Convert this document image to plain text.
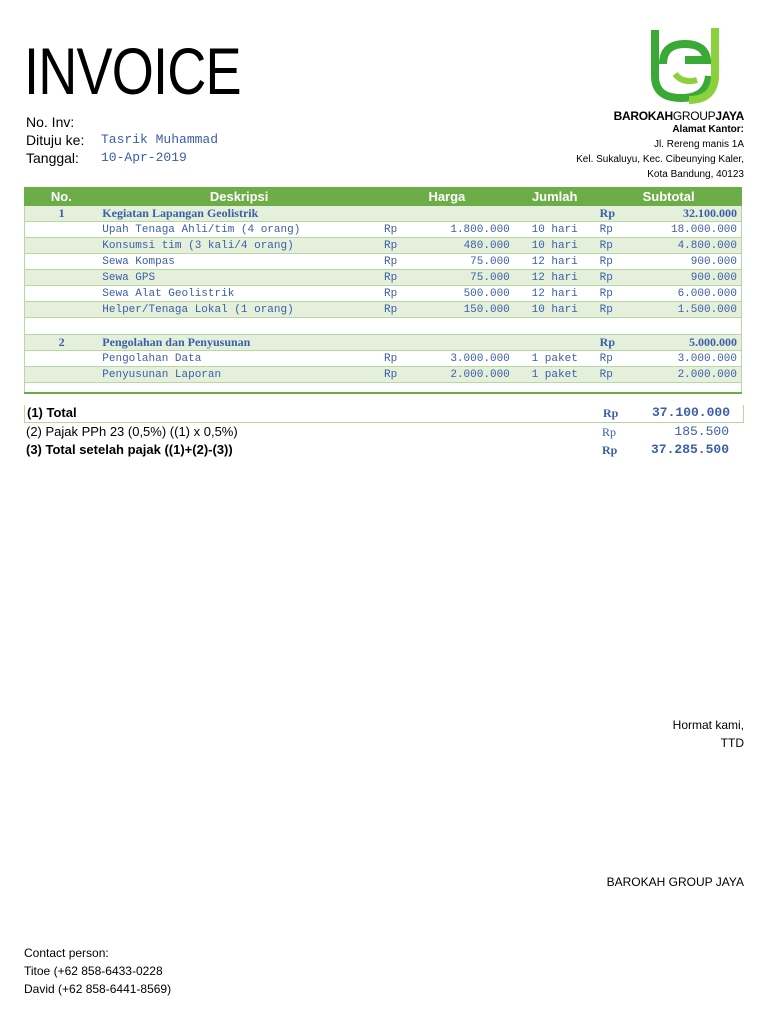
INVOICE
No. Inv:
Dituju ke: Tasrik Muhammad
Tanggal: 10-Apr-2019
BAROKAHGROUPJAYA
Alamat Kantor:
Jl. Rereng manis 1A
Kel. Sukaluyu, Kec. Cibeunying Kaler,
Kota Bandung, 40123
No.	Deskripsi	Harga		Jumlah	Subtotal	
1	Kegiatan Lapangan Geolistrik				Rp	32.100.000
	Upah Tenaga Ahli/tim (4 orang)	Rp	1.800.000	10 hari	Rp	18.000.000
	Konsumsi tim (3 kali/4 orang)	Rp	480.000	10 hari	Rp	4.800.000
	Sewa Kompas	Rp	75.000	12 hari	Rp	900.000
	Sewa GPS	Rp	75.000	12 hari	Rp	900.000
	Sewa Alat Geolistrik	Rp	500.000	12 hari	Rp	6.000.000
	Helper/Tenaga Lokal (1 orang)	Rp	150.000	10 hari	Rp	1.500.000

2	Pengolahan dan Penyusunan				Rp	5.000.000
	Pengolahan Data	Rp	3.000.000	1 paket	Rp	3.000.000
	Penyusunan Laporan	Rp	2.000.000	1 paket	Rp	2.000.000

(1) Total	Rp	37.100.000
(2) Pajak PPh 23 (0,5%) ((1) x 0,5%)	Rp	185.500
(3) Total setelah pajak ((1)+(2)-(3))	Rp	37.285.500
Hormat kami,
TTD
BAROKAH GROUP JAYA
Contact person:
Titoe (+62 858-6433-0228
David (+62 858-6441-8569)
